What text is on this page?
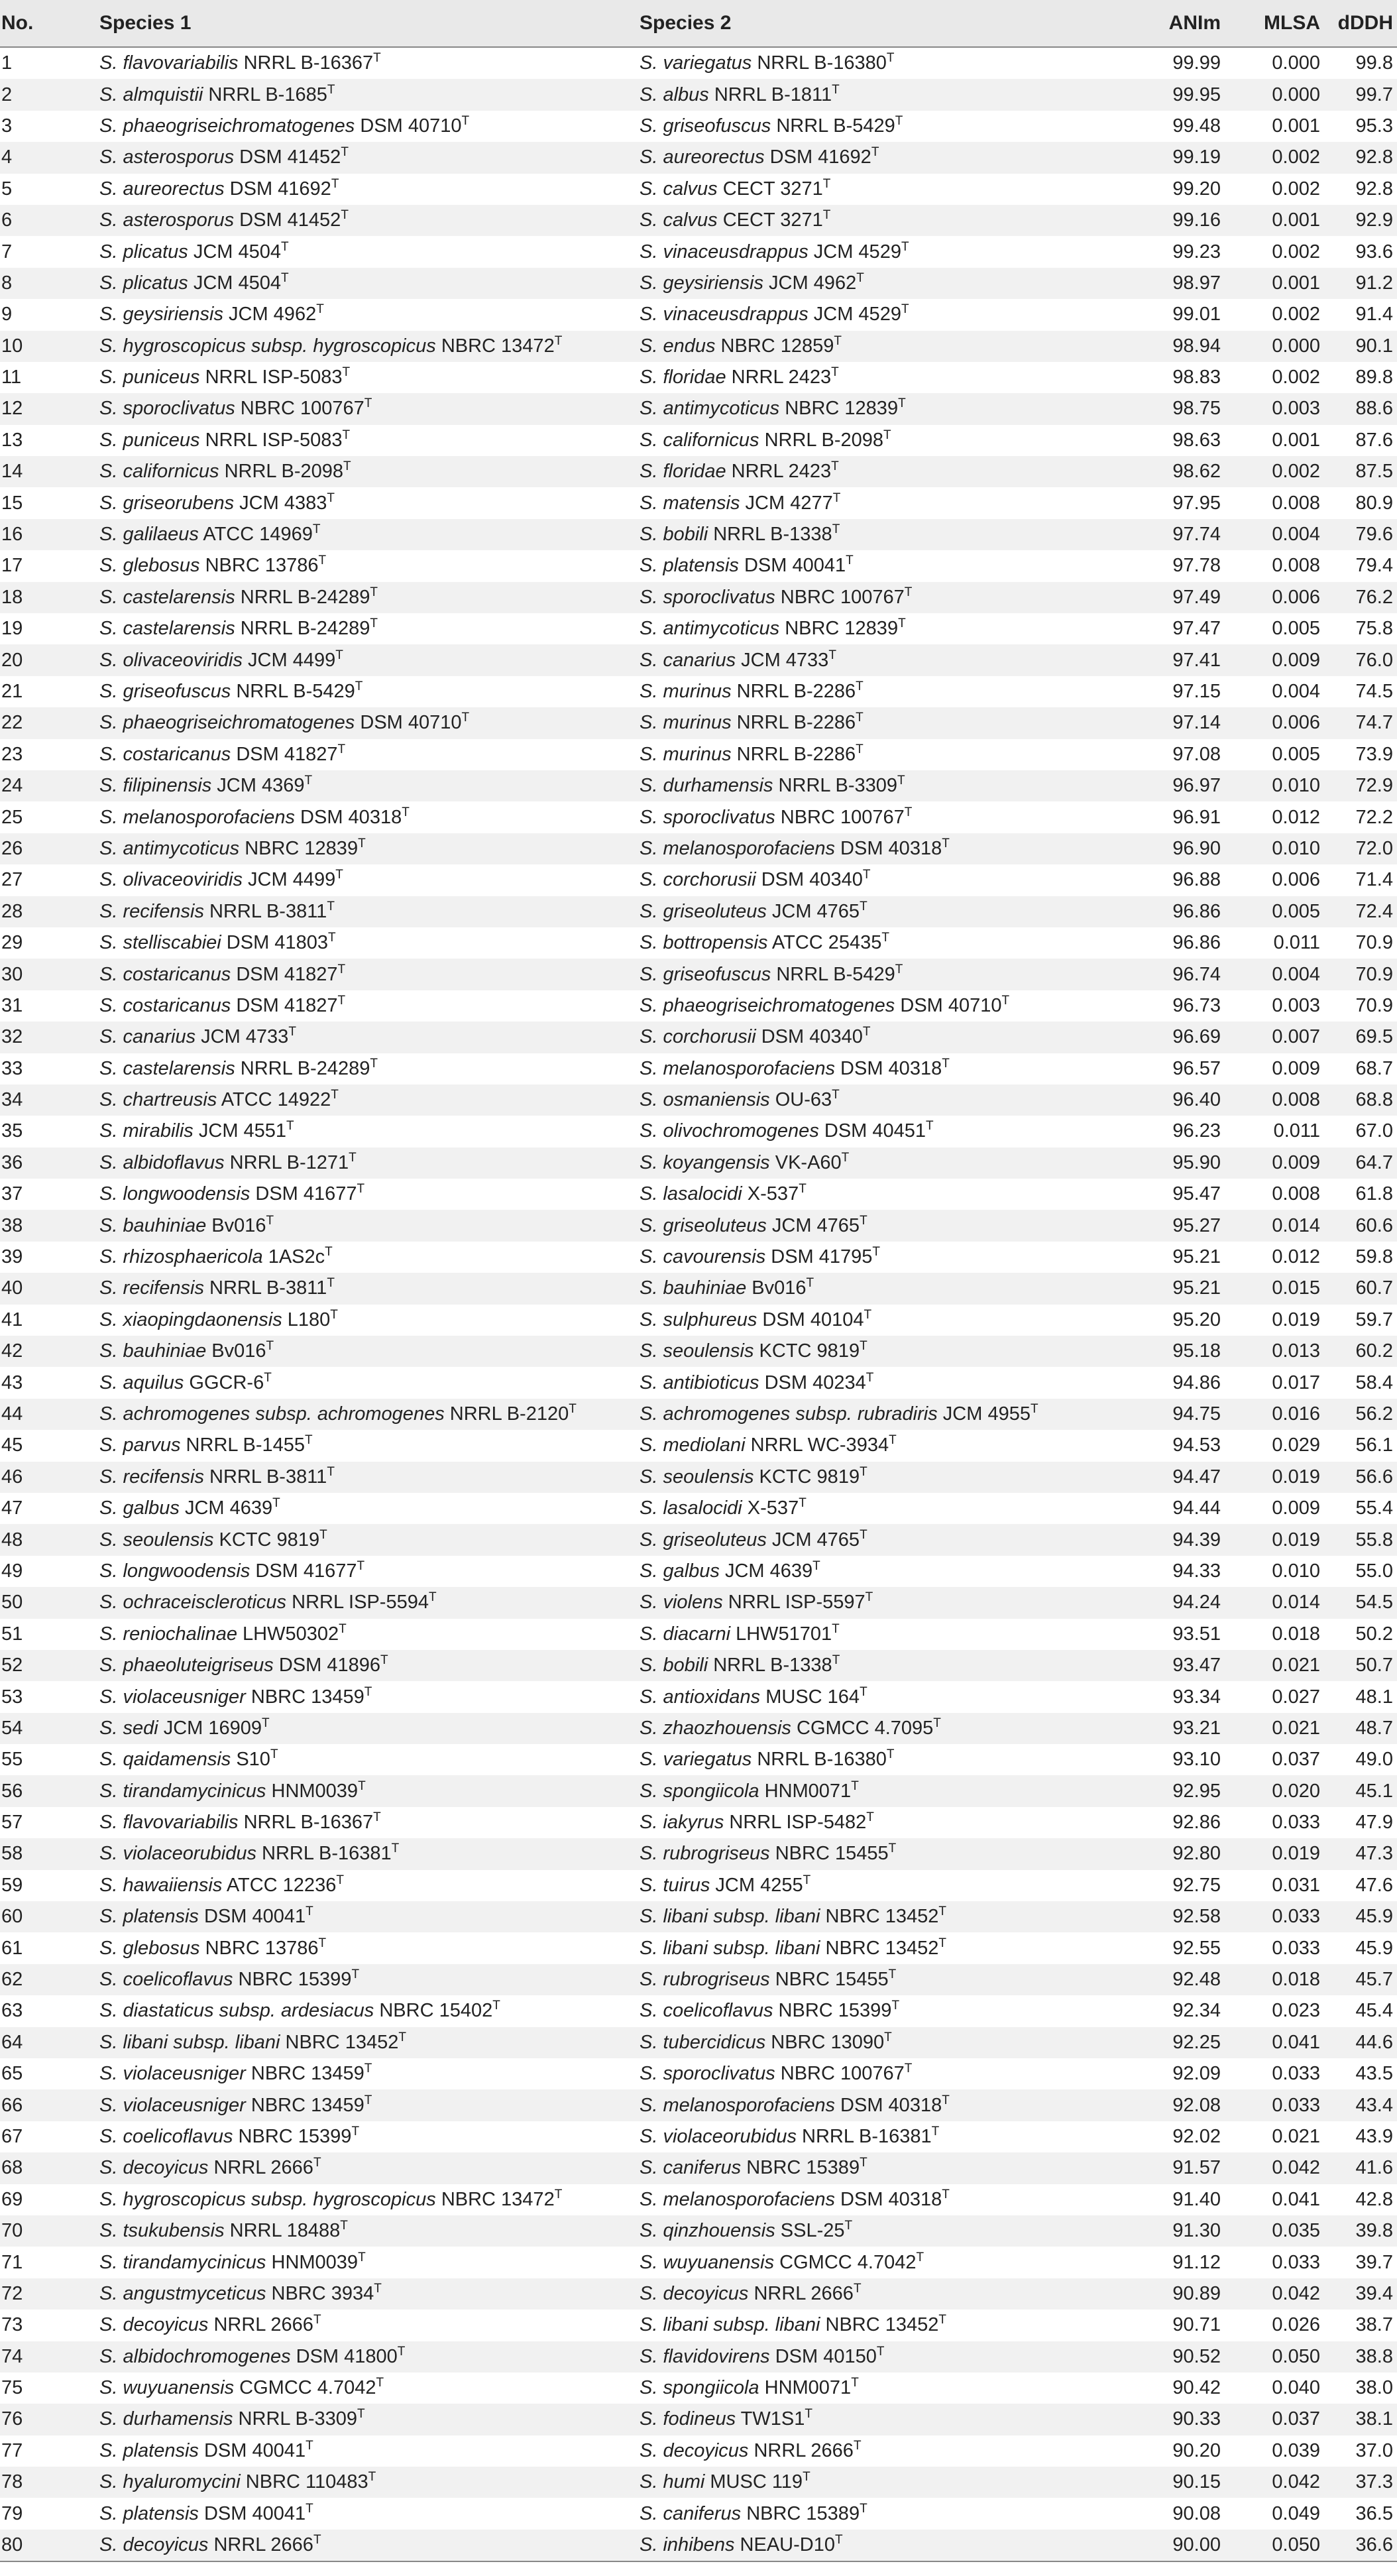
No.	Species 1	Species 2	ANIm	MLSA	dDDH

1	S. flavovariabilis NRRL $B-16367^T$	S. variegatus NRRL $B-16380^T$	99.99	0.000	99.8

2	S. almquistii NRRL $B-1685^T$	S. albus NRRL $B-1811^T$	99.95	0.000	99.7

3	S. phaeogriseichromatogenes DSM $40710^T$	S. griseofuscus NRRL $B-5429^T$	99.48	0.001	95.3

4	S. asterosporus DSM $41452^T$	S. aureorectus DSM $41692^T$	99.19	0.002	92.8

5	S. aureorectus DSM $41692^T$	S. calvus CECT $3271^T$	99.20	0.002	92.8

6	S. asterosporus DSM $41452^T$	S. calvus CECT $3271^T$	99.16	0.001	92.9

7	S. plicatus JCM $4504^T$	S. vinaceusdrappus JCM $4529^T$	99.23	0.002	93.6

8	S. plicatus JCM $4504^T$	S. geysiriensis JCM $4962^T$	98.97	0.001	91.2

9	S. geysiriensis JCM $4962^T$	S. vinaceusdrappus JCM $4529^T$	99.01	0.002	91.4

10	S. hygroscopicus subsp. hygroscopicus NBRC $13472^T$	S. endus NBRC $12859^T$	98.94	0.000	90.1

11	S. puniceus NRRL ISP-$5083^T$	S. floridae NRRL $2423^T$	98.83	0.002	89.8

12	S. sporoclivatus NBRC $100767^T$	S. antimycoticus NBRC $12839^T$	98.75	0.003	88.6

13	S. puniceus NRRL ISP-$5083^T$	S. californicus NRRL $B-2098^T$	98.63	0.001	87.6

14	S. californicus NRRL $B-2098^T$	S. floridae NRRL $2423^T$	98.62	0.002	87.5

15	S. griseorubens JCM $4383^T$	S. matensis JCM $4277^T$	97.95	0.008	80.9

16	S. galilaeus ATCC $14969^T$	S. bobili NRRL $B-1338^T$	97.74	0.004	79.6

17	S. glebosus NBRC $13786^T$	S. platensis DSM $40041^T$	97.78	0.008	79.4

18	S. castelarensis NRRL $B-24289^T$	S. sporoclivatus NBRC $100767^T$	97.49	0.006	76.2

19	S. castelarensis NRRL $B-24289^T$	S. antimycoticus NBRC $12839^T$	97.47	0.005	75.8

20	S. olivaceoviridis JCM $4499^T$	S. canarius JCM $4733^T$	97.41	0.009	76.0

21	S. griseofuscus NRRL $B-5429^T$	S. murinus NRRL $B-2286^T$	97.15	0.004	74.5

22	S. phaeogriseichromatogenes DSM $40710^T$	S. murinus NRRL $B-2286^T$	97.14	0.006	74.7

23	S. costaricanus DSM $41827^T$	S. murinus NRRL $B-2286^T$	97.08	0.005	73.9

24	S. filipinensis JCM $4369^T$	S. durhamensis NRRL $B-3309^T$	96.97	0.010	72.9

25	S. melanosporofaciens DSM $40318^T$	S. sporoclivatus NBRC $100767^T$	96.91	0.012	72.2

26	S. antimycoticus NBRC $12839^T$	S. melanosporofaciens DSM $40318^T$	96.90	0.010	72.0

27	S. olivaceoviridis JCM $4499^T$	S. corchorusii DSM $40340^T$	96.88	0.006	71.4

28	S. recifensis NRRL $B-3811^T$	S. griseoluteus JCM $4765^T$	96.86	0.005	72.4

29	S. stelliscabiei DSM $41803^T$	S. bottropensis ATCC $25435^T$	96.86	0.011	70.9

30	S. costaricanus DSM $41827^T$	S. griseofuscus NRRL $B-5429^T$	96.74	0.004	70.9

31	S. costaricanus DSM $41827^T$	S. phaeogriseichromatogenes DSM $40710^T$	96.73	0.003	70.9

32	S. canarius JCM $4733^T$	S. corchorusii DSM $40340^T$	96.69	0.007	69.5

33	S. castelarensis NRRL $B-24289^T$	S. melanosporofaciens DSM $40318^T$	96.57	0.009	68.7

34	S. chartreusis ATCC $14922^T$	S. osmaniensis $OU-63^T$	96.40	0.008	68.8

35	S. mirabilis JCM $4551^T$	S. olivochromogenes DSM $40451^T$	96.23	0.011	67.0

36	S. albidoflavus NRRL $B-1271^T$	S. koyangensis $VK-A60^T$	95.90	0.009	64.7

37	S. longwoodensis DSM $41677^T$	S. lasalocidi $X-537^T$	95.47	0.008	61.8

38	S. bauhiniae $Bv016^T$	S. griseoluteus JCM $4765^T$	95.27	0.014	60.6

39	S. rhizosphaericola $1AS2c^T$	S. cavourensis DSM $41795^T$	95.21	0.012	59.8

40	S. recifensis NRRL $B-3811^T$	S. bauhiniae $Bv016^T$	95.21	0.015	60.7

41	S. xiaopingdaonensis $L180^T$	S. sulphureus DSM $40104^T$	95.20	0.019	59.7

42	S. bauhiniae $Bv016^T$	S. seoulensis KCTC $9819^T$	95.18	0.013	60.2

43	S. aquilus GGCR-$6^T$	S. antibioticus DSM $40234^T$	94.86	0.017	58.4

44	S. achromogenes subsp. achromogenes NRRL $B-2120^T$	S. achromogenes subsp. rubradiris JCM $4955^T$	94.75	0.016	56.2

45	S. parvus NRRL $B-1455^T$	S. mediolani NRRL $WC-3934^T$	94.53	0.029	56.1

46	S. recifensis NRRL $B-3811^T$	S. seoulensis KCTC $9819^T$	94.47	0.019	56.6

47	S. galbus JCM $4639^T$	S. lasalocidi $X-537^T$	94.44	0.009	55.4

48	S. seoulensis KCTC $9819^T$	S. griseoluteus JCM $4765^T$	94.39	0.019	55.8

49	S. longwoodensis DSM $41677^T$	S. galbus JCM $4639^T$	94.33	0.010	55.0

50	S. ochraceiscleroticus NRRL ISP-$5594^T$	S. violens NRRL ISP-$5597^T$	94.24	0.014	54.5

51	S. reniochalinae $LHW50302^T$	S. diacarni $LHW51701^T$	93.51	0.018	50.2

52	S. phaeoluteigriseus DSM $41896^T$	S. bobili NRRL $B-1338^T$	93.47	0.021	50.7

53	S. violaceusniger NBRC $13459^T$	S. antioxidans MUSC $164^T$	93.34	0.027	48.1

54	S. sedi JCM $16909^T$	S. zhaozhouensis CGMCC $4.7095^T$	93.21	0.021	48.7

55	S. qaidamensis $S10^T$	S. variegatus NRRL $B-16380^T$	93.10	0.037	49.0

56	S. tirandamycinicus $HNM0039^T$	S. spongiicola $HNM0071^T$	92.95	0.020	45.1

57	S. flavovariabilis NRRL $B-16367^T$	S. iakyrus NRRL ISP-$5482^T$	92.86	0.033	47.9

58	S. violaceorubidus NRRL $B-16381^T$	S. rubrogriseus NBRC $15455^T$	92.80	0.019	47.3

59	S. hawaiiensis ATCC $12236^T$	S. tuirus JCM $4255^T$	92.75	0.031	47.6

60	S. platensis DSM $40041^T$	S. libani subsp. libani NBRC $13452^T$	92.58	0.033	45.9

61	S. glebosus NBRC $13786^T$	S. libani subsp. libani NBRC $13452^T$	92.55	0.033	45.9

62	S. coelicoflavus NBRC $15399^T$	S. rubrogriseus NBRC $15455^T$	92.48	0.018	45.7

63	S. diastaticus subsp. ardesiacus NBRC $15402^T$	S. coelicoflavus NBRC $15399^T$	92.34	0.023	45.4

64	S. libani subsp. libani NBRC $13452^T$	S. tubercidicus NBRC $13090^T$	92.25	0.041	44.6

65	S. violaceusniger NBRC $13459^T$	S. sporoclivatus NBRC $100767^T$	92.09	0.033	43.5

66	S. violaceusniger NBRC $13459^T$	S. melanosporofaciens DSM $40318^T$	92.08	0.033	43.4

67	S. coelicoflavus NBRC $15399^T$	S. violaceorubidus NRRL $B-16381^T$	92.02	0.021	43.9

68	S. decoyicus NRRL $2666^T$	S. caniferus NBRC $15389^T$	91.57	0.042	41.6

69	S. hygroscopicus subsp. hygroscopicus NBRC $13472^T$	S. melanosporofaciens DSM $40318^T$	91.40	0.041	42.8

70	S. tsukubensis NRRL $18488^T$	S. qinzhouensis SSL-$25^T$	91.30	0.035	39.8

71	S. tirandamycinicus $HNM0039^T$	S. wuyuanensis CGMCC $4.7042^T$	91.12	0.033	39.7

72	S. angustmyceticus NBRC $3934^T$	S. decoyicus NRRL $2666^T$	90.89	0.042	39.4

73	S. decoyicus NRRL $2666^T$	S. libani subsp. libani NBRC $13452^T$	90.71	0.026	38.7

74	S. albidochromogenes DSM $41800^T$	S. flavidovirens DSM $40150^T$	90.52	0.050	38.8

75	S. wuyuanensis CGMCC $4.7042^T$	S. spongiicola $HNM0071^T$	90.42	0.040	38.0

76	S. durhamensis NRRL $B-3309^T$	S. fodineus $TW1S1^T$	90.33	0.037	38.1

77	S. platensis DSM $40041^T$	S. decoyicus NRRL $2666^T$	90.20	0.039	37.0

78	S. hyaluromycini NBRC $110483^T$	S. humi MUSC $119^T$	90.15	0.042	37.3

79	S. platensis DSM $40041^T$	S. caniferus NBRC $15389^T$	90.08	0.049	36.5

80	S. decoyicus NRRL $2666^T$	S. inhibens NEAU-$D10^T$	90.00	0.050	36.6
